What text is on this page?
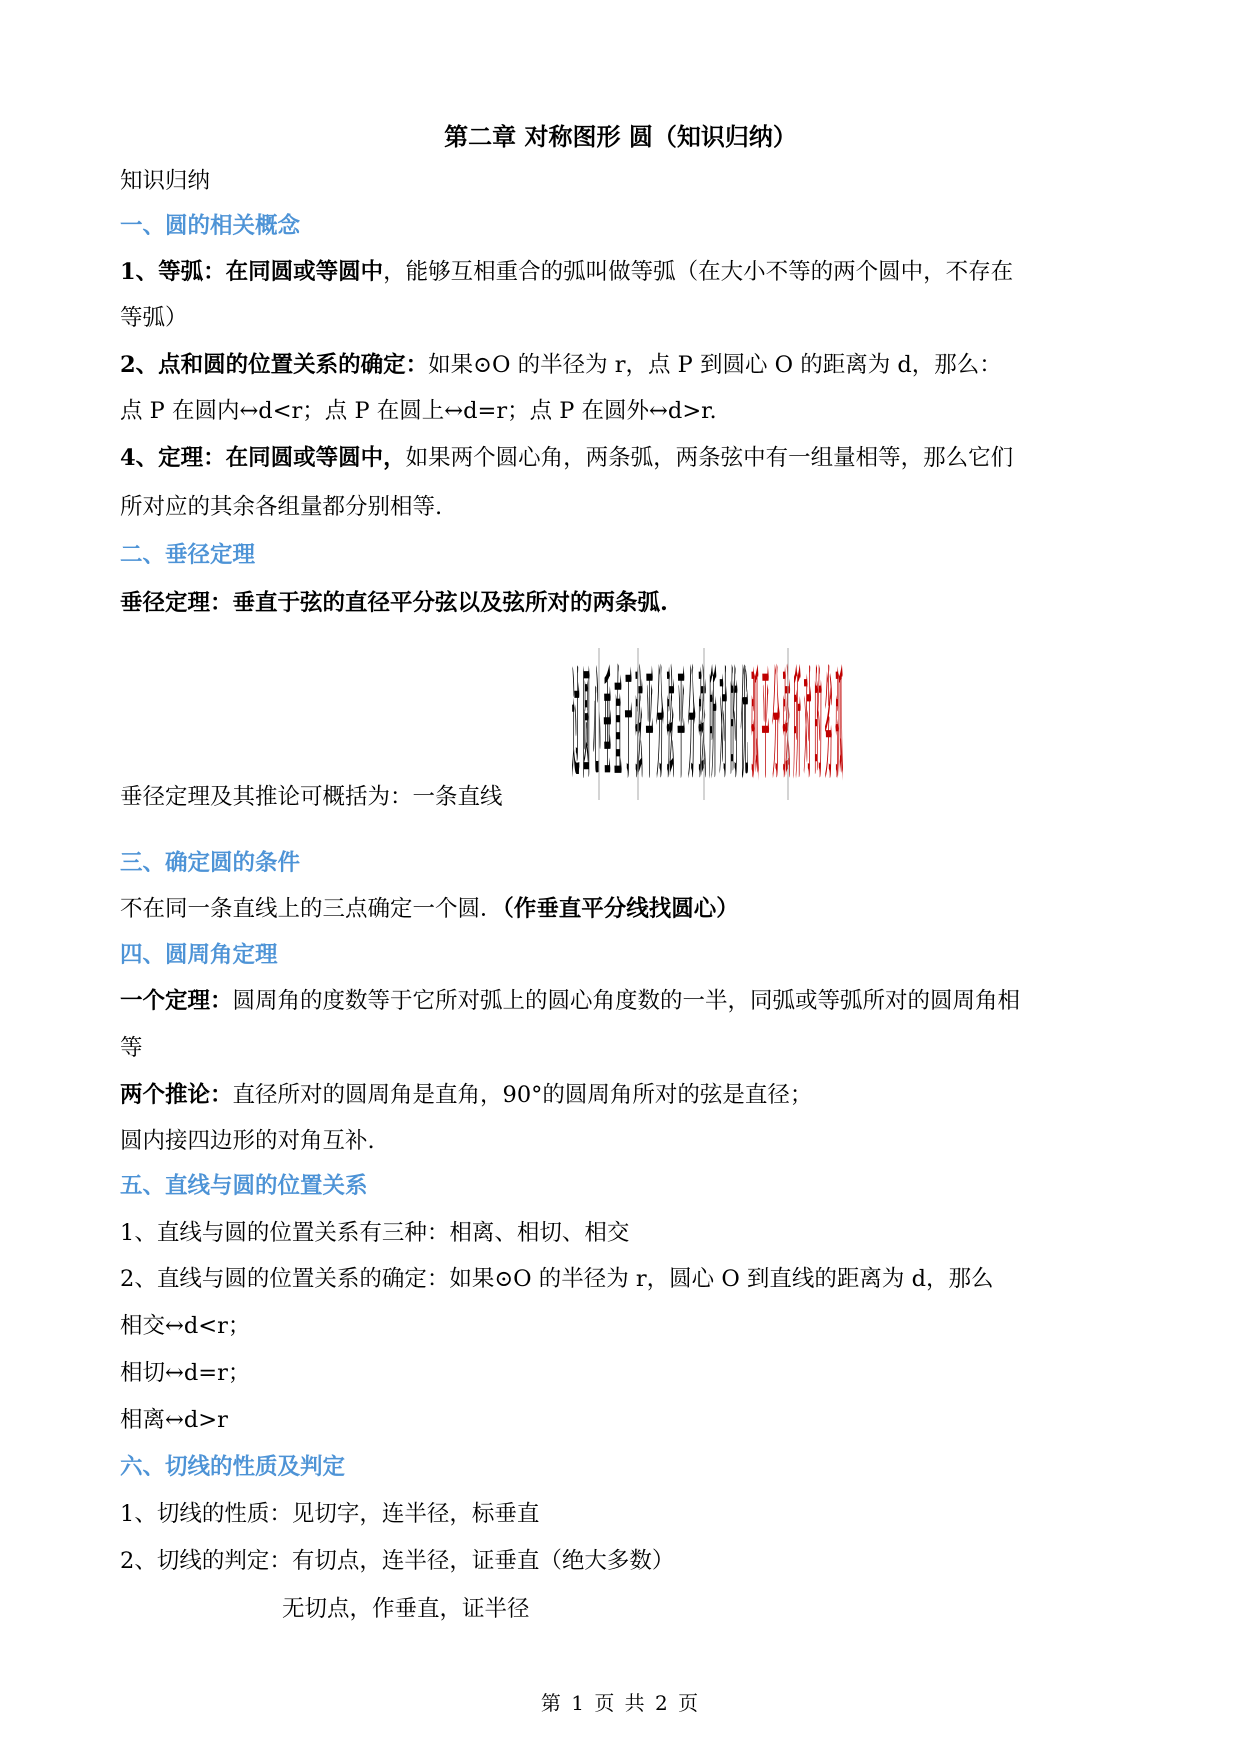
第二章 对称图形 圆（知识归纳）
知识归纳
一、圆的相关概念
1、等弧：在同圆或等圆中，能够互相重合的弧叫做等弧（在大小不等的两个圆中，不存在
等弧）
2、点和圆的位置关系的确定：如果⊙O 的半径为 r，点 P 到圆心 O 的距离为 d，那么：
点 P 在圆内↔d<r；点 P 在圆上↔d=r；点 P 在圆外↔d>r.
4、定理：在同圆或等圆中，如果两个圆心角，两条弧，两条弦中有一组量相等，那么它们
所对应的其余各组量都分别相等.
二、垂径定理
垂径定理：垂直于弦的直径平分弦以及弦所对的两条弧.
过 圆 心 垂 直 于 弦 平 分 弦 平 分 弦 所 对 的 优 弧 平 分 弦 所 对 的 劣 弧
垂径定理及其推论可概括为：一条直线
三、确定圆的条件
不在同一条直线上的三点确定一个圆．（作垂直平分线找圆心）
四、圆周角定理
一个定理：圆周角的度数等于它所对弧上的圆心角度数的一半，同弧或等弧所对的圆周角相
等
两个推论：直径所对的圆周角是直角，90°的圆周角所对的弦是直径；
圆内接四边形的对角互补.
五、直线与圆的位置关系
1、直线与圆的位置关系有三种：相离、相切、相交
2、直线与圆的位置关系的确定：如果⊙O 的半径为 r，圆心 O 到直线的距离为 d，那么
相交↔d<r；
相切↔d=r；
相离↔d>r
六、切线的性质及判定
1、切线的性质：见切字，连半径，标垂直
2、切线的判定：有切点，连半径，证垂直（绝大多数）
无切点，作垂直，证半径
第 1 页 共 2 页
